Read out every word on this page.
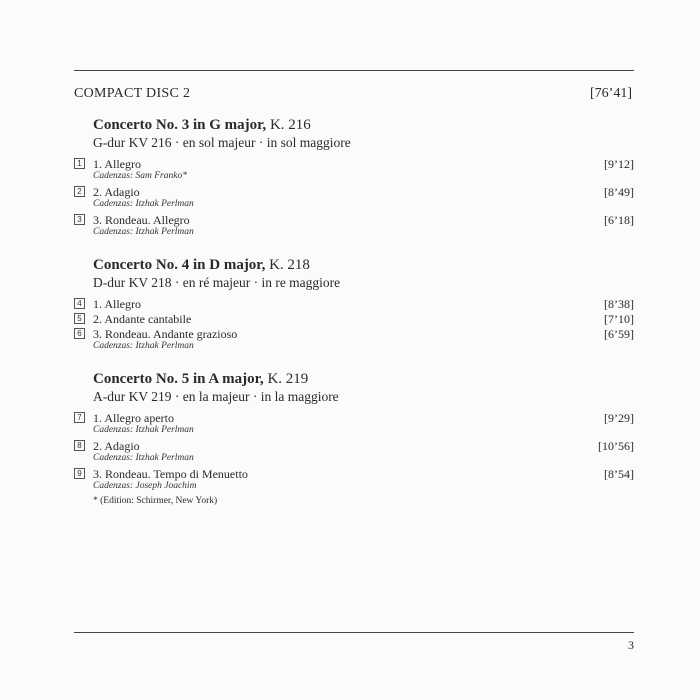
COMPACT DISC 2	[76’41]
Concerto No. 3 in G major, K. 216
G-dur KV 216 · en sol majeur · in sol maggiore
1 1. Allegro	[9’12]
Cadenzas: Sam Franko*
2 2. Adagio	[8’49]
Cadenzas: Itzhak Perlman
3 3. Rondeau. Allegro	[6’18]
Cadenzas: Itzhak Perlman
Concerto No. 4 in D major, K. 218
D-dur KV 218 · en ré majeur · in re maggiore
4 1. Allegro	[8’38]
5 2. Andante cantabile	[7’10]
6 3. Rondeau. Andante grazioso	[6’59]
Cadenzas: Itzhak Perlman
Concerto No. 5 in A major, K. 219
A-dur KV 219 · en la majeur · in la maggiore
7 1. Allegro aperto	[9’29]
Cadenzas: Itzhak Perlman
8 2. Adagio	[10’56]
Cadenzas: Itzhak Perlman
9 3. Rondeau. Tempo di Menuetto	[8’54]
Cadenzas: Joseph Joachim
* (Edition: Schirmer, New York)
3
